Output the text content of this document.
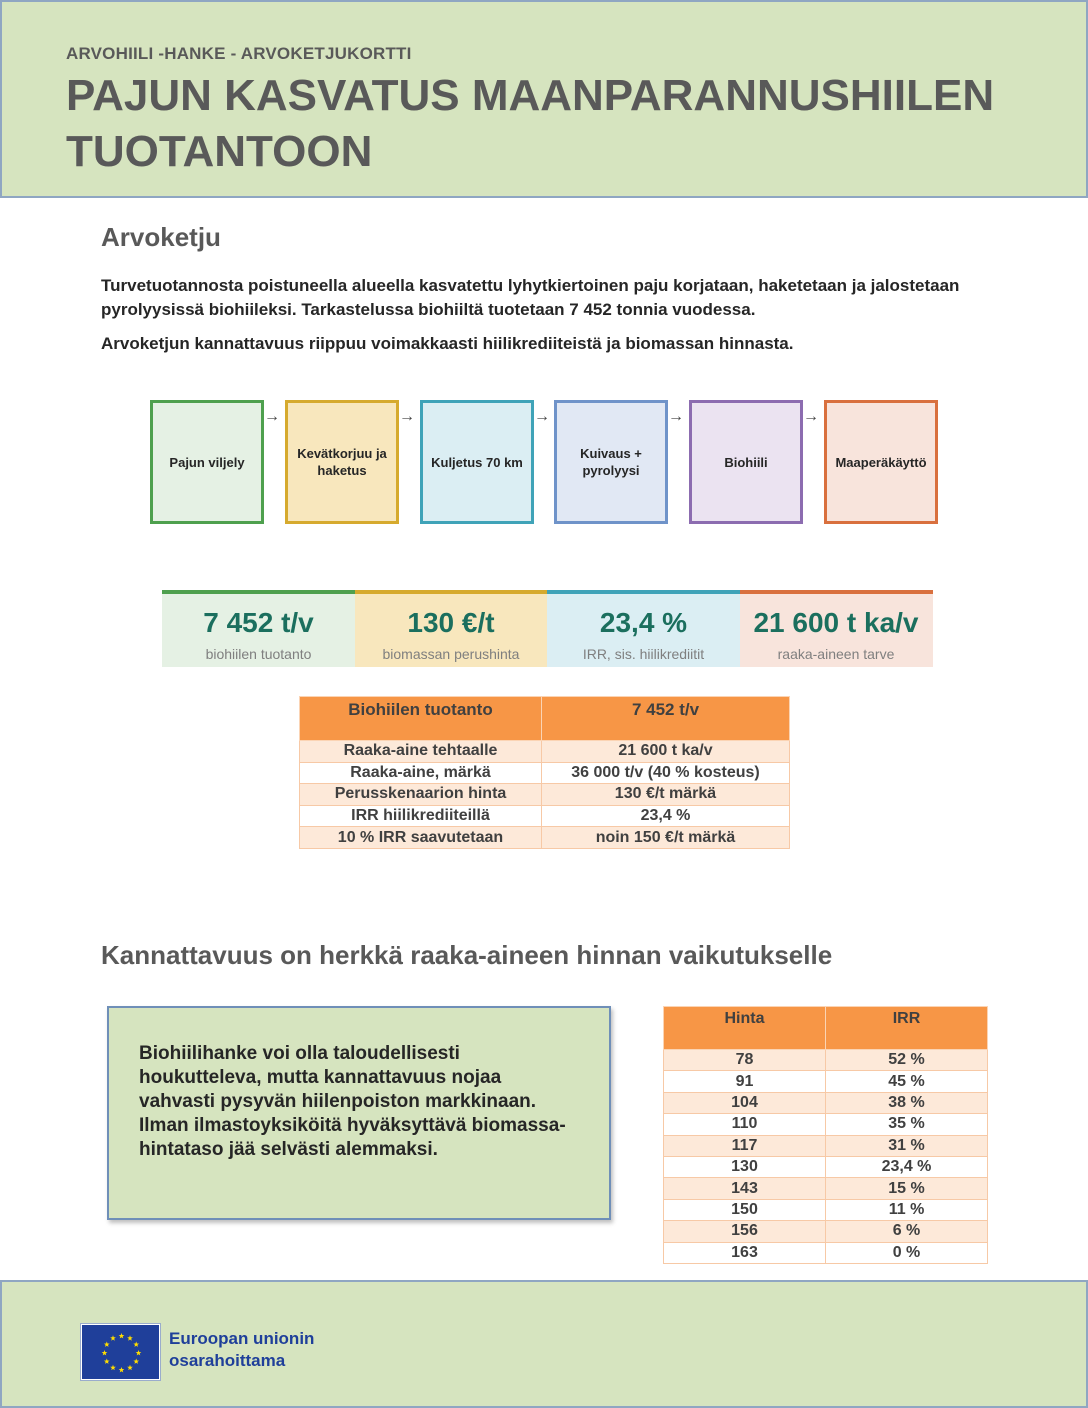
ARVOHIILI -HANKE - ARVOKETJUKORTTI
PAJUN KASVATUS MAANPARANNUSHIILEN TUOTANTOON
Arvoketju

Turvetuotannosta poistuneella alueella kasvatettu lyhytkiertoinen paju korjataan, haketetaan ja jalostetaan pyrolyysissä biohiileksi. Tarkastelussa biohiiltä tuotetaan 7 452 tonnia vuodessa.

Arvoketjun kannattavuus riippuu voimakkaasti hiilikrediiteistä ja biomassan hinnasta.

Pajun viljely
→
Kevätkorjuu ja haketus
→
Kuljetus 70 km
→
Kuivaus + pyrolyysi
→
Biohiili
→
Maaperäkäyttö
7 452 t/v
biohiilen tuotanto
130 €/t
biomassan perushinta
23,4 %
IRR, sis. hiilikrediitit
21 600 t ka/v
raaka-aineen tarve
Biohiilen tuotanto	7 452 t/v
Raaka-aine tehtaalle	21 600 t ka/v
Raaka-aine, märkä	36 000 t/v (40 % kosteus)
Perusskenaarion hinta	130 €/t märkä
IRR hiilikrediiteillä	23,4 %
10 % IRR saavutetaan	noin 150 €/t märkä
Kannattavuus on herkkä raaka-aineen hinnan vaikutukselle
Biohiilihanke voi olla taloudellisesti houkutteleva, mutta kannattavuus nojaa vahvasti pysyvän hiilenpoiston markkinaan. Ilman ilmastoyksiköitä hyväksyttävä biomassa-hintataso jää selvästi alemmaksi.
Hinta	IRR
78	52 %
91	45 %
104	38 %
110	35 %
117	31 %
130	23,4 %
143	15 %
150	11 %
156	6 %
163	0 %
Euroopan unionin
osarahoittama
